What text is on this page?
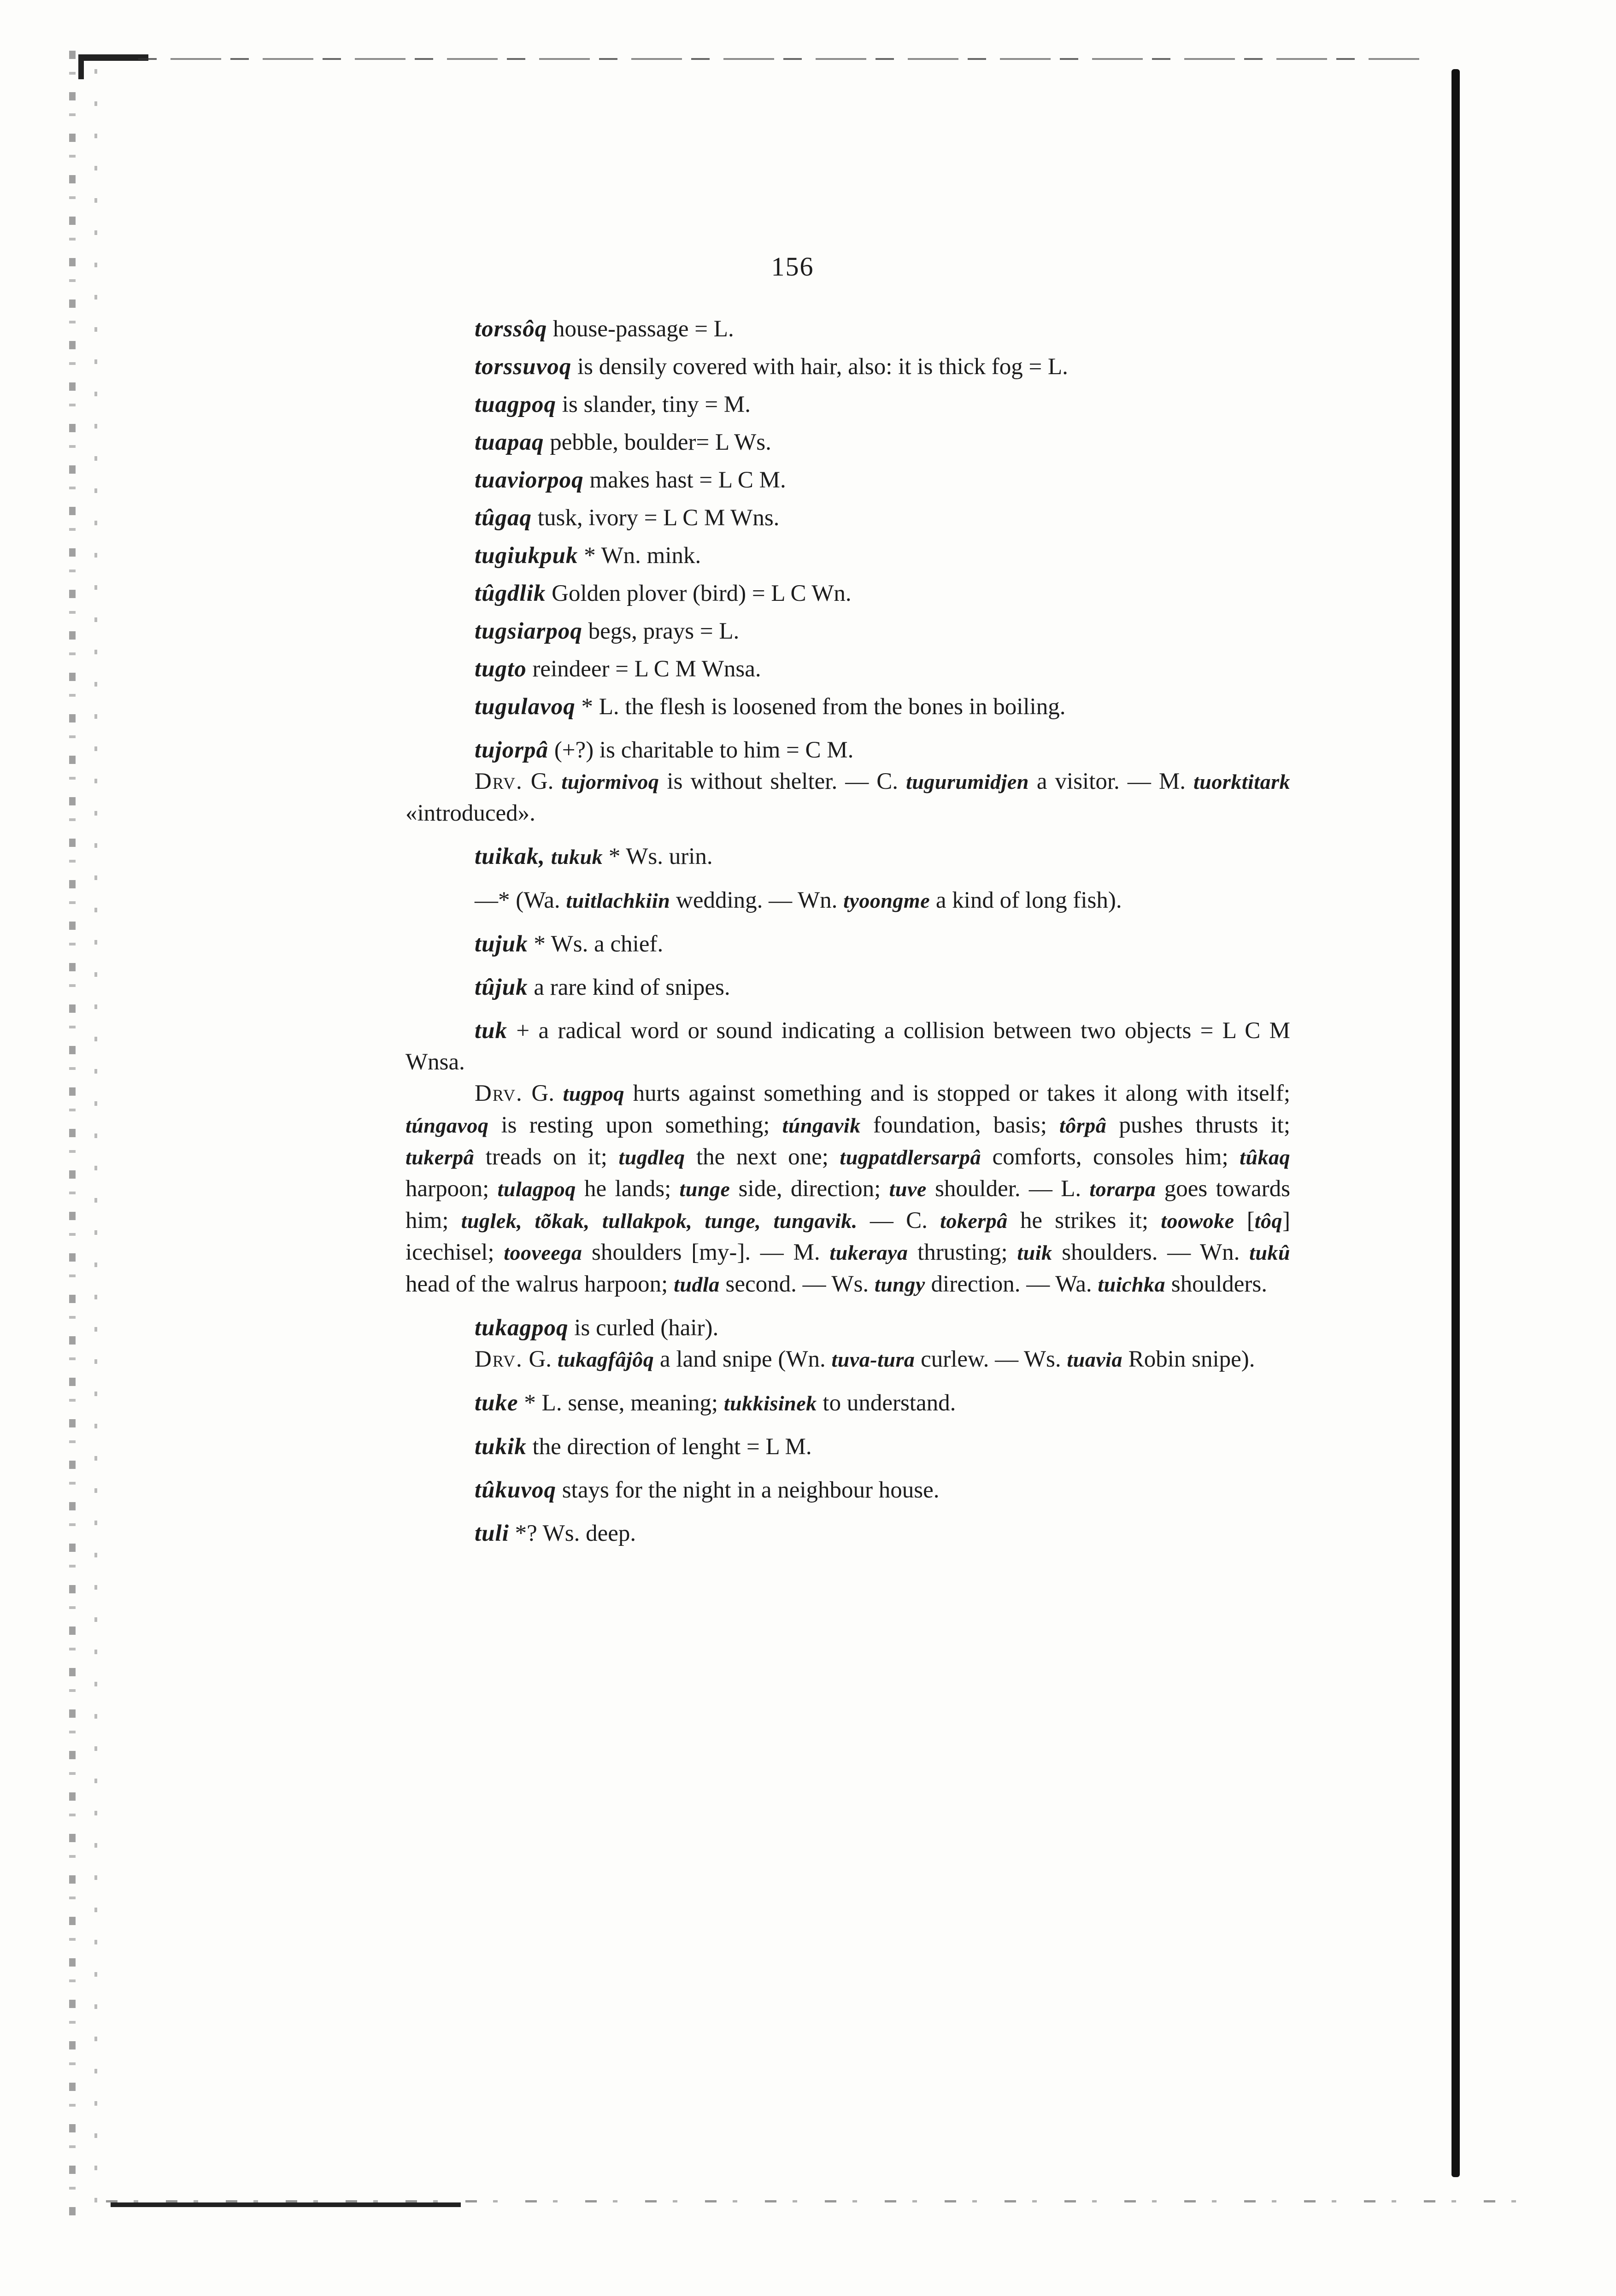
156

torssôq house-passage = L.

torssuvoq is densily covered with hair, also: it is thick fog = L.

tuagpoq is slander, tiny = M.

tuapaq pebble, boulder= L Ws.

tuaviorpoq makes hast = L C M.

tûgaq tusk, ivory = L C M Wns.

tugiukpuk * Wn. mink.

tûgdlik Golden plover (bird) = L C Wn.

tugsiarpoq begs, prays = L.

tugto reindeer = L C M Wnsa.

tugulavoq * L. the flesh is loosened from the bones in boiling.

tujorpâ (+?) is charitable to him = C M.

Drv. G. tujormivoq is without shelter. — C. tugurumidjen a visitor. — M. tuorktitark «introduced».

tuikak, tukuk * Ws. urin.

—* (Wa. tuitlachkiin wedding. — Wn. tyoongme a kind of long fish).

tujuk * Ws. a chief.

tûjuk a rare kind of snipes.

tuk + a radical word or sound indicating a collision between two objects = L C M Wnsa.

Drv. G. tugpoq hurts against something and is stopped or takes it along with itself; túngavoq is resting upon something; túngavik foundation, basis; tôrpâ pushes thrusts it; tukerpâ treads on it; tugdleq the next one; tugpatdlersarpâ comforts, consoles him; tûkaq harpoon; tulagpoq he lands; tunge side, direction; tuve shoulder. — L. torarpa goes towards him; tuglek, tõkak, tullakpok, tunge, tungavik. — C. tokerpâ he strikes it; toowoke [tôq] icechisel; tooveega shoulders [my-]. — M. tukeraya thrusting; tuik shoulders. — Wn. tukû head of the walrus harpoon; tudla second. — Ws. tungy direction. — Wa. tuichka shoulders.

tukagpoq is curled (hair).

Drv. G. tukagfâjôq a land snipe (Wn. tuva-tura curlew. — Ws. tuavia Robin snipe).

tuke * L. sense, meaning; tukkisinek to understand.

tukik the direction of lenght = L M.

tûkuvoq stays for the night in a neighbour house.

tuli *? Ws. deep.
